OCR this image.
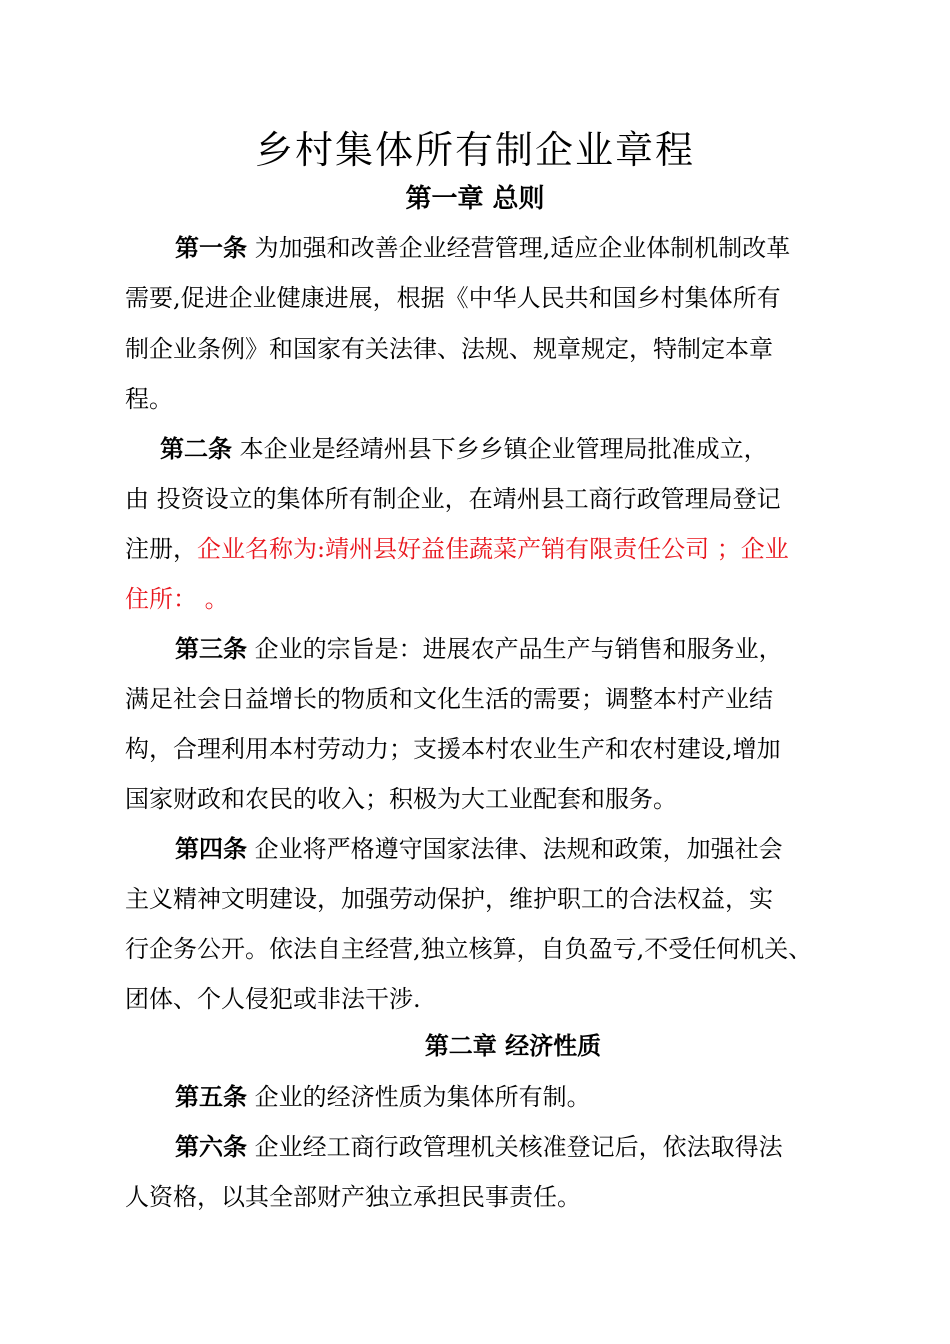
乡村集体所有制企业章程
第一章 总则
第一条 为加强和改善企业经营管理,适应企业体制机制改革
需要,促进企业健康进展，根据《中华人民共和国乡村集体所有
制企业条例》和国家有关法律、法规、规章规定，特制定本章
程。
第二条 本企业是经靖州县下乡乡镇企业管理局批准成立，
由 投资设立的集体所有制企业，在靖州县工商行政管理局登记
注册，企业名称为:靖州县好益佳蔬菜产销有限责任公司 ；企业
住所： 。
第三条 企业的宗旨是：进展农产品生产与销售和服务业，
满足社会日益增长的物质和文化生活的需要；调整本村产业结
构，合理利用本村劳动力；支援本村农业生产和农村建设,增加
国家财政和农民的收入；积极为大工业配套和服务。
第四条 企业将严格遵守国家法律、法规和政策，加强社会
主义精神文明建设，加强劳动保护，维护职工的合法权益，实
行企务公开。依法自主经营,独立核算，自负盈亏,不受任何机关、
团体、个人侵犯或非法干涉.
第二章 经济性质
第五条 企业的经济性质为集体所有制。
第六条 企业经工商行政管理机关核准登记后，依法取得法
人资格，以其全部财产独立承担民事责任。
